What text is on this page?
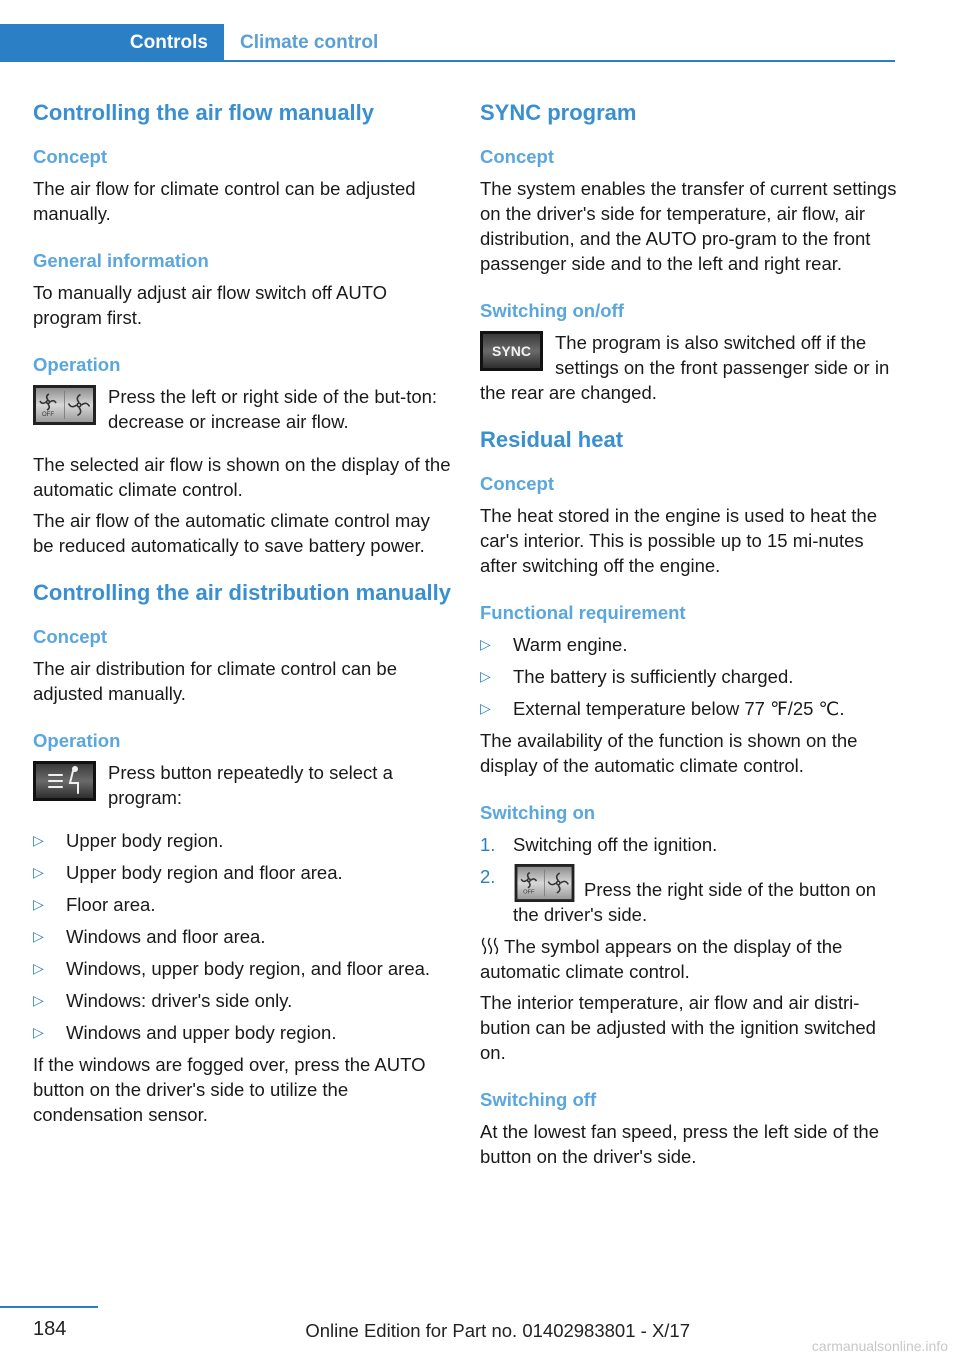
Controls Climate control
Controlling the air flow manually
Concept

The air flow for climate control can be adjusted manually.

General information

To manually adjust air flow switch off AUTO program first.

Operation
OFF

Press the left or right side of the but‐ton: decrease or increase air flow.

The selected air flow is shown on the display of the automatic climate control.

The air flow of the automatic climate control may be reduced automatically to save battery power.

Controlling the air distribution manually
Concept

The air distribution for climate control can be adjusted manually.

Operation

Press button repeatedly to select a program:

▷ Upper body region.
▷ Upper body region and floor area.
▷ Floor area.
▷ Windows and floor area.
▷ Windows, upper body region, and floor area.
▷ Windows: driver's side only.
▷ Windows and upper body region.

If the windows are fogged over, press the AUTO button on the driver's side to utilize the condensation sensor.

SYNC program
Concept

The system enables the transfer of current settings on the driver's side for temperature, air flow, air distribution, and the AUTO pro‐gram to the front passenger side and to the left and right rear.

Switching on/off
SYNC	The program is also switched off if the settings on the front passenger side or in the rear are changed.

Residual heat
Concept

The heat stored in the engine is used to heat the car's interior. This is possible up to 15 mi‐nutes after switching off the engine.

Functional requirement
▷ Warm engine.
▷ The battery is sufficiently charged.
▷ External temperature below 77 ℉/25 ℃.

The availability of the function is shown on the display of the automatic climate control.

Switching on
1. Switching off the ignition.
2.
OFF	Press the right side of the button on the driver's side.

The symbol appears on the display of the automatic climate control.

The interior temperature, air flow and air distri‐bution can be adjusted with the ignition switched on.

Switching off

At the lowest fan speed, press the left side of the button on the driver's side.

184	Online Edition for Part no. 01402983801 - X/17
carmanualsonline.info
